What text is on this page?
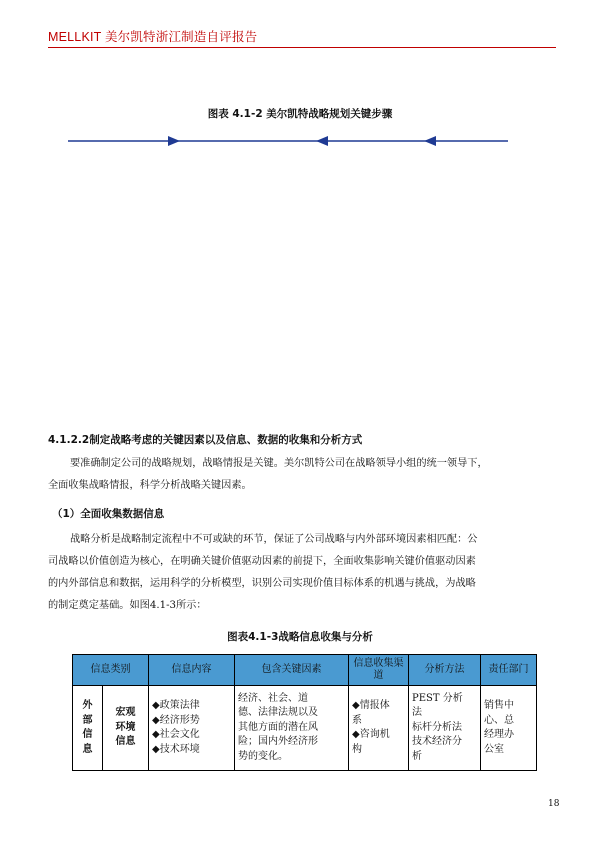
MELLKIT 美尔凯特浙江制造自评报告
图表 4.1-2 美尔凯特战略规划关键步骤
4.1.2.2制定战略考虑的关键因素以及信息、数据的收集和分析方式
要准确制定公司的战略规划，战略情报是关键。美尔凯特公司在战略领导小组的统一领导下，
全面收集战略情报，科学分析战略关键因素。
（1）全面收集数据信息
战略分析是战略制定流程中不可或缺的环节，保证了公司战略与内外部环境因素相匹配：公
司战略以价值创造为核心，在明确关键价值驱动因素的前提下，全面收集影响关键价值驱动因素
的内外部信息和数据，运用科学的分析模型，识别公司实现价值目标体系的机遇与挑战，为战略
的制定奠定基础。如图4.1-3所示：
图表4.1-3战略信息收集与分析
信息类别		信息内容	包含关键因素	信息收集渠道	分析方法	责任部门

外
部
信
息	宏观
环境
信息	◆政策法律
◆经济形势
◆社会文化
◆技术环境	经济、社会、道
德、法律法规以及
其他方面的潜在风
险；国内外经济形
势的变化。	◆情报体
系
◆咨询机
构	PEST 分析
法
标杆分析法
技术经济分
析	销售中
心、总
经理办
公室
18
